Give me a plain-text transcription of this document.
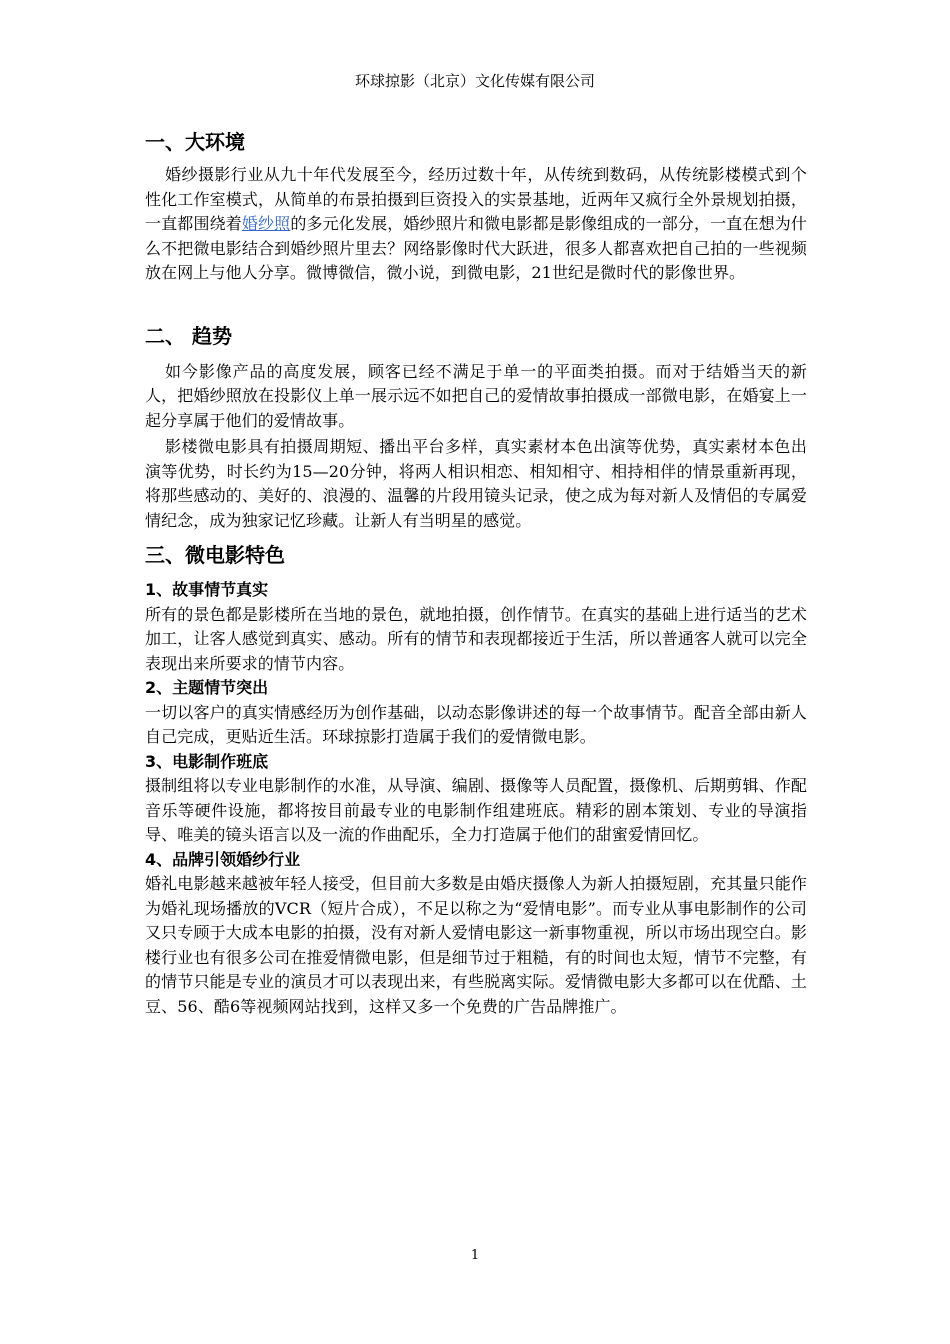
环球掠影（北京）文化传媒有限公司
一、大环境

婚纱摄影行业从九十年代发展至今，经历过数十年，从传统到数码，从传统影楼模式到个性化工作室模式，从简单的布景拍摄到巨资投入的实景基地，近两年又疯行全外景规划拍摄，一直都围绕着婚纱照的多元化发展，婚纱照片和微电影都是影像组成的一部分，一直在想为什么不把微电影结合到婚纱照片里去？网络影像时代大跃进，很多人都喜欢把自己拍的一些视频放在网上与他人分享。微博微信，微小说，到微电影，21世纪是微时代的影像世界。

二、 趋势

如今影像产品的高度发展，顾客已经不满足于单一的平面类拍摄。而对于结婚当天的新人，把婚纱照放在投影仪上单一展示远不如把自己的爱情故事拍摄成一部微电影，在婚宴上一起分享属于他们的爱情故事。

影楼微电影具有拍摄周期短、播出平台多样，真实素材本色出演等优势，真实素材本色出演等优势，时长约为15—20分钟，将两人相识相恋、相知相守、相持相伴的情景重新再现，将那些感动的、美好的、浪漫的、温馨的片段用镜头记录，使之成为每对新人及情侣的专属爱情纪念，成为独家记忆珍藏。让新人有当明星的感觉。

三、微电影特色
1、故事情节真实

所有的景色都是影楼所在当地的景色，就地拍摄，创作情节。在真实的基础上进行适当的艺术加工，让客人感觉到真实、感动。所有的情节和表现都接近于生活，所以普通客人就可以完全表现出来所要求的情节内容。

2、主题情节突出

一切以客户的真实情感经历为创作基础，以动态影像讲述的每一个故事情节。配音全部由新人自己完成，更贴近生活。环球掠影打造属于我们的爱情微电影。

3、电影制作班底

摄制组将以专业电影制作的水准，从导演、编剧、摄像等人员配置，摄像机、后期剪辑、作配音乐等硬件设施，都将按目前最专业的电影制作组建班底。精彩的剧本策划、专业的导演指导、唯美的镜头语言以及一流的作曲配乐，全力打造属于他们的甜蜜爱情回忆。

4、品牌引领婚纱行业

婚礼电影越来越被年轻人接受，但目前大多数是由婚庆摄像人为新人拍摄短剧，充其量只能作为婚礼现场播放的VCR（短片合成），不足以称之为“爱情电影”。而专业从事电影制作的公司又只专顾于大成本电影的拍摄，没有对新人爱情电影这一新事物重视，所以市场出现空白。影楼行业也有很多公司在推爱情微电影，但是细节过于粗糙，有的时间也太短，情节不完整，有的情节只能是专业的演员才可以表现出来，有些脱离实际。爱情微电影大多都可以在优酷、土豆、56、酷6等视频网站找到，这样又多一个免费的广告品牌推广。

1
